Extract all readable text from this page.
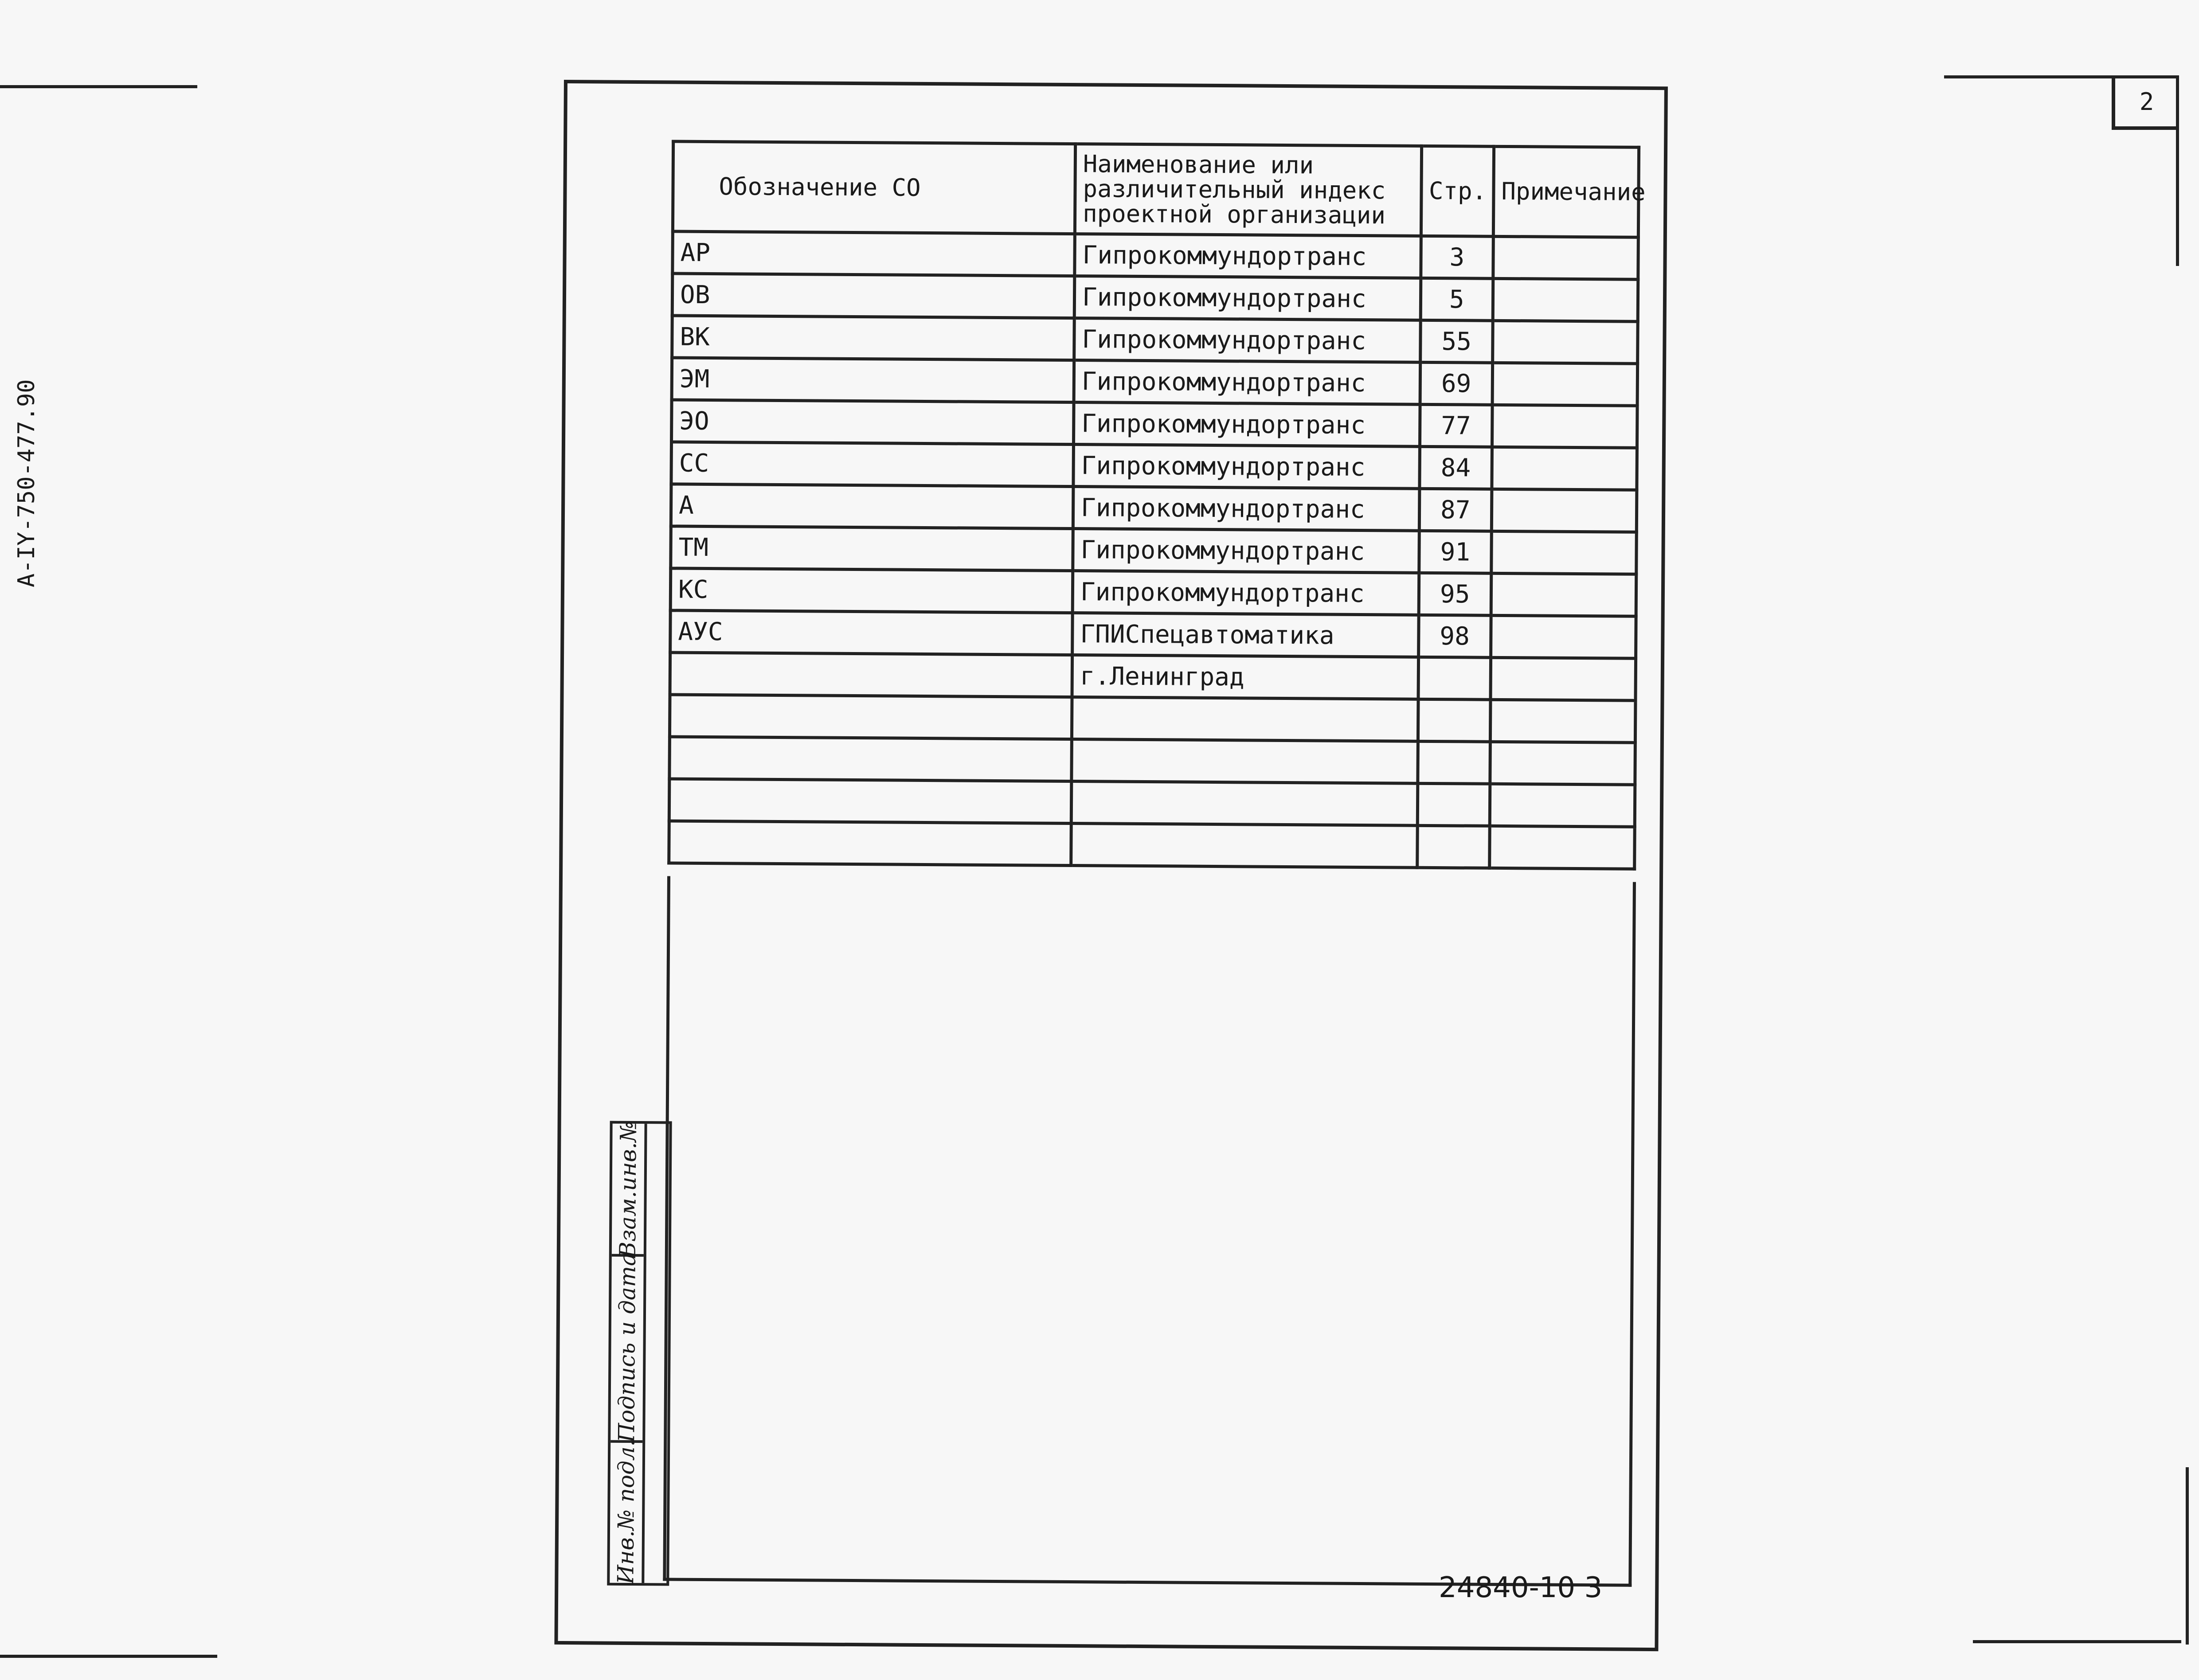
A-IY-750-477.90
2
Обозначение СО	Наименование или различительный индекс проектной организации	Стр.	Примечание
АР	Гипрокоммундортранс	3	
ОВ	Гипрокоммундортранс	5	
ВК	Гипрокоммундортранс	55	
ЭМ	Гипрокоммундортранс	69	
ЭО	Гипрокоммундортранс	77	
СС	Гипрокоммундортранс	84	
А	Гипрокоммундортранс	87	
ТМ	Гипрокоммундортранс	91	
КС	Гипрокоммундортранс	95	
АУС	ГПИСпецавтоматика	98	
	г.Ленинград		

Взам.инв.№
Подпись и дата
Инв.№ подл.
24840-10 3
